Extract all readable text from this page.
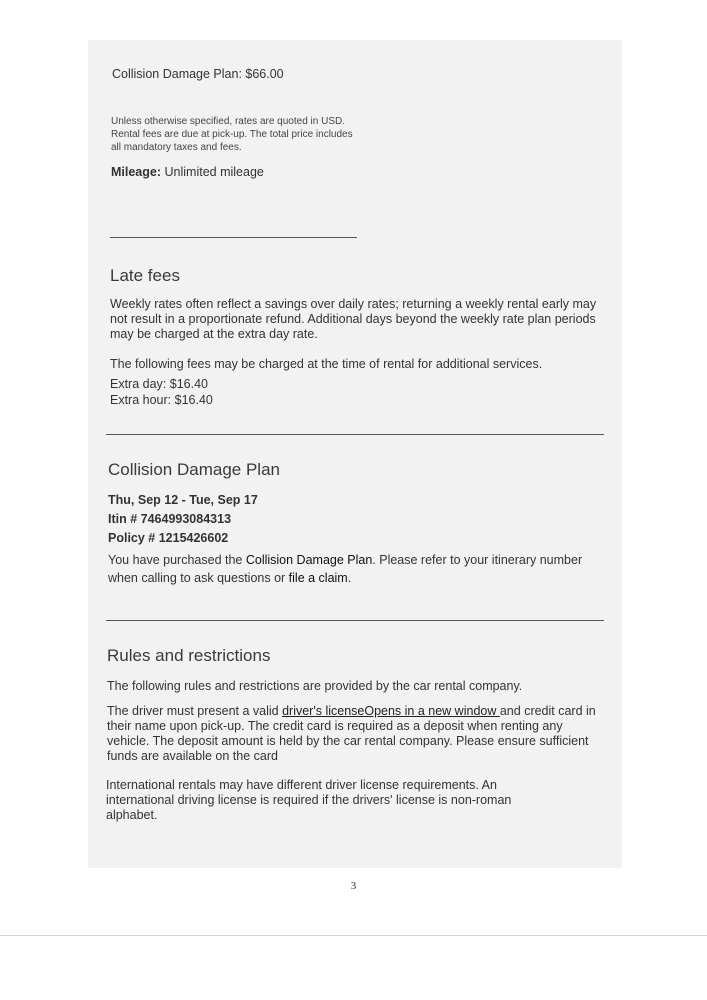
Collision Damage Plan: $66.00
Unless otherwise specified, rates are quoted in USD. Rental fees are due at pick-up. The total price includes all mandatory taxes and fees.
Mileage: Unlimited mileage
Late fees

Weekly rates often reflect a savings over daily rates; returning a weekly rental early may not result in a proportionate refund. Additional days beyond the weekly rate plan periods may be charged at the extra day rate.

The following fees may be charged at the time of rental for additional services.

Extra day: $16.40

Extra hour: $16.40

Collision Damage Plan
Thu, Sep 12 - Tue, Sep 17
Itin # 7464993084313
Policy # 1215426602

You have purchased the Collision Damage Plan. Please refer to your itinerary number when calling to ask questions or file a claim.

Rules and restrictions

The following rules and restrictions are provided by the car rental company.

The driver must present a valid driver's licenseOpens in a new window and credit card in their name upon pick-up. The credit card is required as a deposit when renting any vehicle. The deposit amount is held by the car rental company. Please ensure sufficient funds are available on the card

International rentals may have different driver license requirements. An international driving license is required if the drivers' license is non-roman alphabet.

3
